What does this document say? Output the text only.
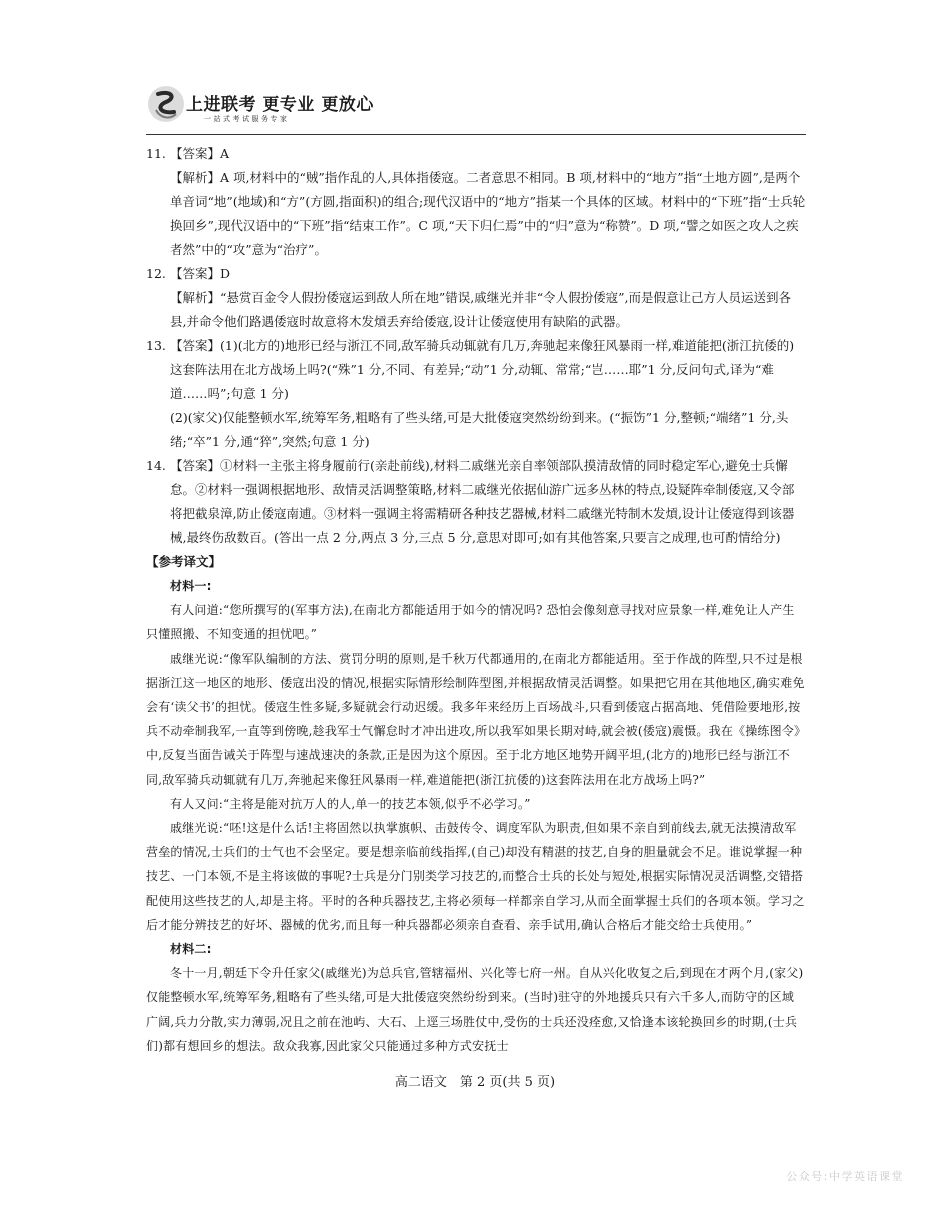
上进联考 更专业 更放心
一站式考试服务专家
11. 【答案】A
【解析】A 项,材料中的“贼”指作乱的人,具体指倭寇。二者意思不相同。B 项,材料中的“地方”指“土地方圆”,是两个单音词“地”(地域)和“方”(方圆,指面积)的组合;现代汉语中的“地方”指某一个具体的区域。材料中的“下班”指“士兵轮换回乡”,现代汉语中的“下班”指“结束工作”。C 项,“天下归仁焉”中的“归”意为“称赞”。D 项,“譬之如医之攻人之疾者然”中的“攻”意为“治疗”。
12. 【答案】D
【解析】“悬赏百金令人假扮倭寇运到敌人所在地”错误,戚继光并非“令人假扮倭寇”,而是假意让己方人员运送到各县,并命令他们路遇倭寇时故意将木发熕丢弃给倭寇,设计让倭寇使用有缺陷的武器。
13. 【答案】(1)(北方的)地形已经与浙江不同,敌军骑兵动辄就有几万,奔驰起来像狂风暴雨一样,难道能把(浙江抗倭的)这套阵法用在北方战场上吗?(“殊”1 分,不同、有差异;“动”1 分,动辄、常常;“岂……耶”1 分,反问句式,译为“难道……吗”;句意 1 分)
(2)(家父)仅能整顿水军,统筹军务,粗略有了些头绪,可是大批倭寇突然纷纷到来。(“振饬”1 分,整顿;“端绪”1 分,头绪;“卒”1 分,通“猝”,突然;句意 1 分)
14. 【答案】①材料一主张主将身履前行(亲赴前线),材料二戚继光亲自率领部队摸清敌情的同时稳定军心,避免士兵懈怠。②材料一强调根据地形、敌情灵活调整策略,材料二戚继光依据仙游广远多丛林的特点,设疑阵牵制倭寇,又令部将把截泉漳,防止倭寇南逋。③材料一强调主将需精研各种技艺器械,材料二戚继光特制木发熕,设计让倭寇得到该器械,最终伤敌数百。(答出一点 2 分,两点 3 分,三点 5 分,意思对即可;如有其他答案,只要言之成理,也可酌情给分)
【参考译文】

材料一:

有人问道:“您所撰写的(军事方法),在南北方都能适用于如今的情况吗? 恐怕会像刻意寻找对应景象一样,难免让人产生只懂照搬、不知变通的担忧吧。”

戚继光说:“像军队编制的方法、赏罚分明的原则,是千秋万代都通用的,在南北方都能适用。至于作战的阵型,只不过是根据浙江这一地区的地形、倭寇出没的情况,根据实际情形绘制阵型图,并根据敌情灵活调整。如果把它用在其他地区,确实难免会有‘读父书’的担忧。倭寇生性多疑,多疑就会行动迟缓。我多年来经历上百场战斗,只看到倭寇占据高地、凭借险要地形,按兵不动牵制我军,一直等到傍晚,趁我军士气懈怠时才冲出进攻,所以我军如果长期对峙,就会被(倭寇)震慑。我在《操练图令》中,反复当面告诫关于阵型与速战速决的条款,正是因为这个原因。至于北方地区地势开阔平坦,(北方的)地形已经与浙江不同,敌军骑兵动辄就有几万,奔驰起来像狂风暴雨一样,难道能把(浙江抗倭的)这套阵法用在北方战场上吗?”

有人又问:“主将是能对抗万人的人,单一的技艺本领,似乎不必学习。”

戚继光说:“呸!这是什么话!主将固然以执掌旗帜、击鼓传令、调度军队为职责,但如果不亲自到前线去,就无法摸清敌军营垒的情况,士兵们的士气也不会坚定。要是想亲临前线指挥,(自己)却没有精湛的技艺,自身的胆量就会不足。谁说掌握一种技艺、一门本领,不是主将该做的事呢?士兵是分门别类学习技艺的,而整合士兵的长处与短处,根据实际情况灵活调整,交错搭配使用这些技艺的人,却是主将。平时的各种兵器技艺,主将必须每一样都亲自学习,从而全面掌握士兵们的各项本领。学习之后才能分辨技艺的好坏、器械的优劣,而且每一种兵器都必须亲自查看、亲手试用,确认合格后才能交给士兵使用。”

材料二:

冬十一月,朝廷下令升任家父(戚继光)为总兵官,管辖福州、兴化等七府一州。自从兴化收复之后,到现在才两个月,(家父)仅能整顿水军,统筹军务,粗略有了些头绪,可是大批倭寇突然纷纷到来。(当时)驻守的外地援兵只有六千多人,而防守的区域广阔,兵力分散,实力薄弱,况且之前在池屿、大石、上逕三场胜仗中,受伤的士兵还没痊愈,又恰逢本该轮换回乡的时期,(士兵们)都有想回乡的想法。敌众我寡,因此家父只能通过多种方式安抚士

高二语文　第 2 页(共 5 页)
公众号:中学英语课堂
